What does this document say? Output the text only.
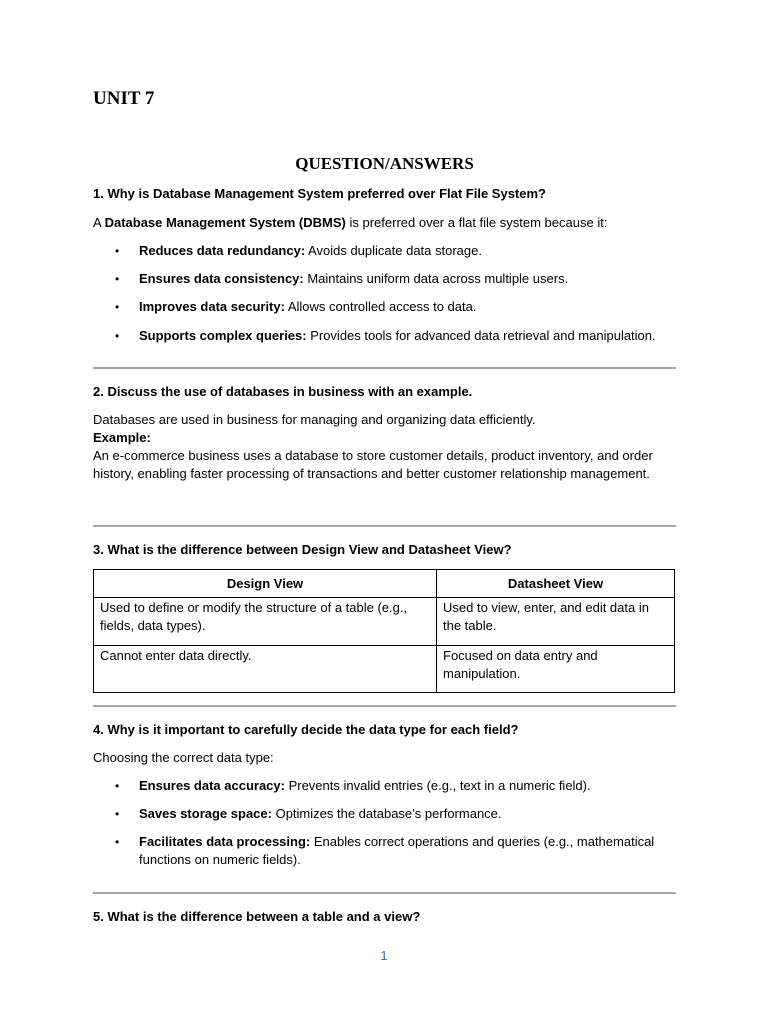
UNIT 7
QUESTION/ANSWERS
1. Why is Database Management System preferred over Flat File System?
A Database Management System (DBMS) is preferred over a flat file system because it:
• Reduces data redundancy: Avoids duplicate data storage.
• Ensures data consistency: Maintains uniform data across multiple users.
• Improves data security: Allows controlled access to data.
• Supports complex queries: Provides tools for advanced data retrieval and manipulation.
2. Discuss the use of databases in business with an example.
Databases are used in business for managing and organizing data efficiently.
Example:
An e-commerce business uses a database to store customer details, product inventory, and order history, enabling faster processing of transactions and better customer relationship management.
3. What is the difference between Design View and Datasheet View?
Design View	Datasheet View
Used to define or modify the structure of a table (e.g., fields, data types).	Used to view, enter, and edit data in the table.
Cannot enter data directly.	Focused on data entry and manipulation.
4. Why is it important to carefully decide the data type for each field?
Choosing the correct data type:
• Ensures data accuracy: Prevents invalid entries (e.g., text in a numeric field).
• Saves storage space: Optimizes the database’s performance.
• Facilitates data processing: Enables correct operations and queries (e.g., mathematical functions on numeric fields).
5. What is the difference between a table and a view?
1
